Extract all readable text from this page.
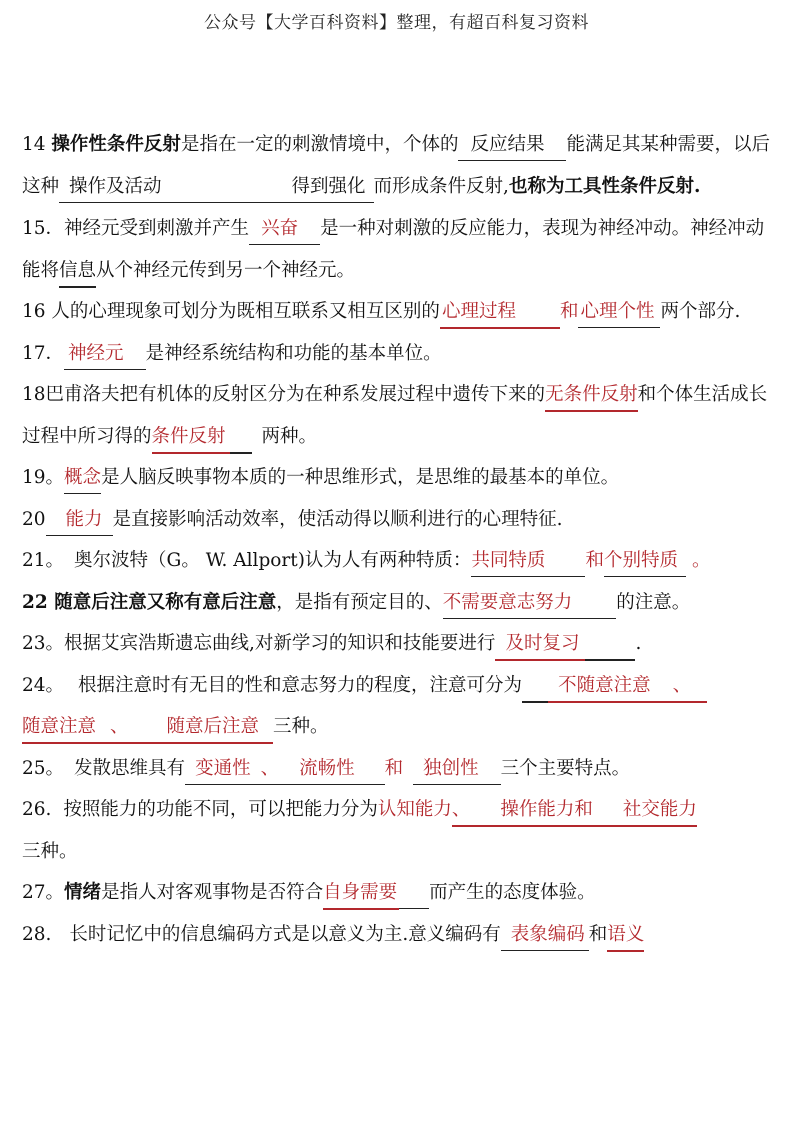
公众号【大学百科资料】整理，有超百科复习资料

14 操作性条件反射是指在一定的刺激情境中，个体的 反应结果 能满足其某种需要，以后这种 操作及活动	得到强化 而形成条件反射,也称为工具性条件反射.

15．神经元受到刺激并产生 兴奋 是一种对刺激的反应能力，表现为神经冲动。神经冲动能将信息从个神经元传到另一个神经元。

16 人的心理现象可划分为既相互联系又相互区别的 心理过程 和 心理个性 两个部分.

17． 神经元 是神经系统结构和功能的基本单位。

18巴甫洛夫把有机体的反射区分为在种系发展过程中遗传下来的无条件反射和个体生活成长过程中所习得的条件反射 两种。

19。概念是人脑反映事物本质的一种思维形式，是思维的最基本的单位。

20 能力 是直接影响活动效率，使活动得以顺利进行的心理特征.

21。 奥尔波特（G。 W. Allport)认为人有两种特质：共同特质 和个别特质 。

22 随意后注意又称有意后注意，是指有预定目的、不需要意志努力 的注意。

23。根据艾宾浩斯遗忘曲线,对新学习的知识和技能要进行 及时复习	.

24。 根据注意时有无目的性和意志努力的程度，注意可分为 不随意注意 、
随意注意 、 随意后注意 三种。

25。 发散思维具有 变通性 、 流畅性 和 独创性 三个主要特点。

26. 按照能力的功能不同，可以把能力分为认知能力、 操作能力和 社交能力
三种。

27。情绪是指人对客观事物是否符合自身需要 而产生的态度体验。

28. 长时记忆中的信息编码方式是以意义为主.意义编码有 表象编码 和语义
